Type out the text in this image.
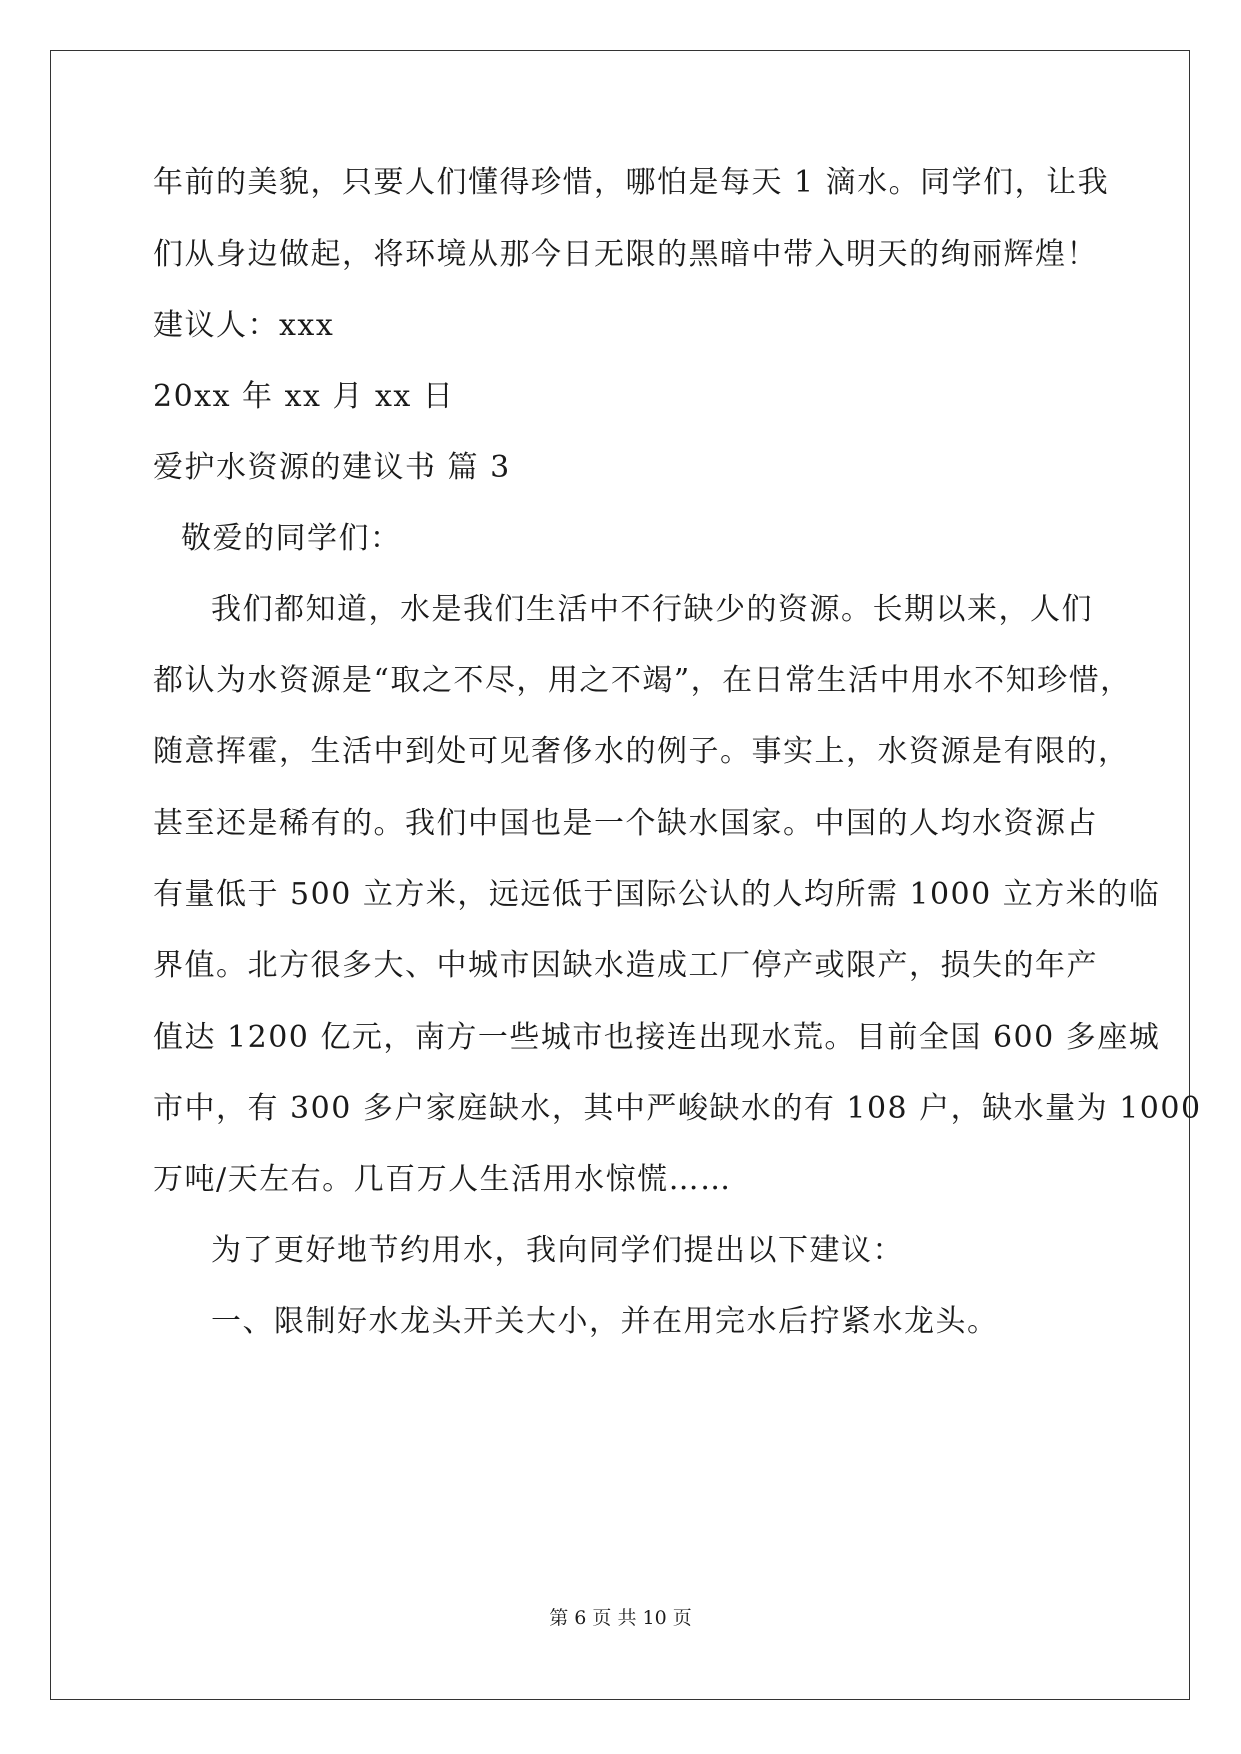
年前的美貌，只要人们懂得珍惜，哪怕是每天 1 滴水。同学们，让我
们从身边做起，将环境从那今日无限的黑暗中带入明天的绚丽辉煌！
建议人：xxx
20xx 年 xx 月 xx 日
爱护水资源的建议书 篇 3
敬爱的同学们：
我们都知道，水是我们生活中不行缺少的资源。长期以来，人们
都认为水资源是“取之不尽，用之不竭”，在日常生活中用水不知珍惜，
随意挥霍，生活中到处可见奢侈水的例子。事实上，水资源是有限的，
甚至还是稀有的。我们中国也是一个缺水国家。中国的人均水资源占
有量低于 500 立方米，远远低于国际公认的人均所需 1000 立方米的临
界值。北方很多大、中城市因缺水造成工厂停产或限产，损失的年产
值达 1200 亿元，南方一些城市也接连出现水荒。目前全国 600 多座城
市中，有 300 多户家庭缺水，其中严峻缺水的有 108 户，缺水量为 1000
万吨/天左右。几百万人生活用水惊慌……
为了更好地节约用水，我向同学们提出以下建议：
一、限制好水龙头开关大小，并在用完水后拧紧水龙头。
第 6 页 共 10 页
